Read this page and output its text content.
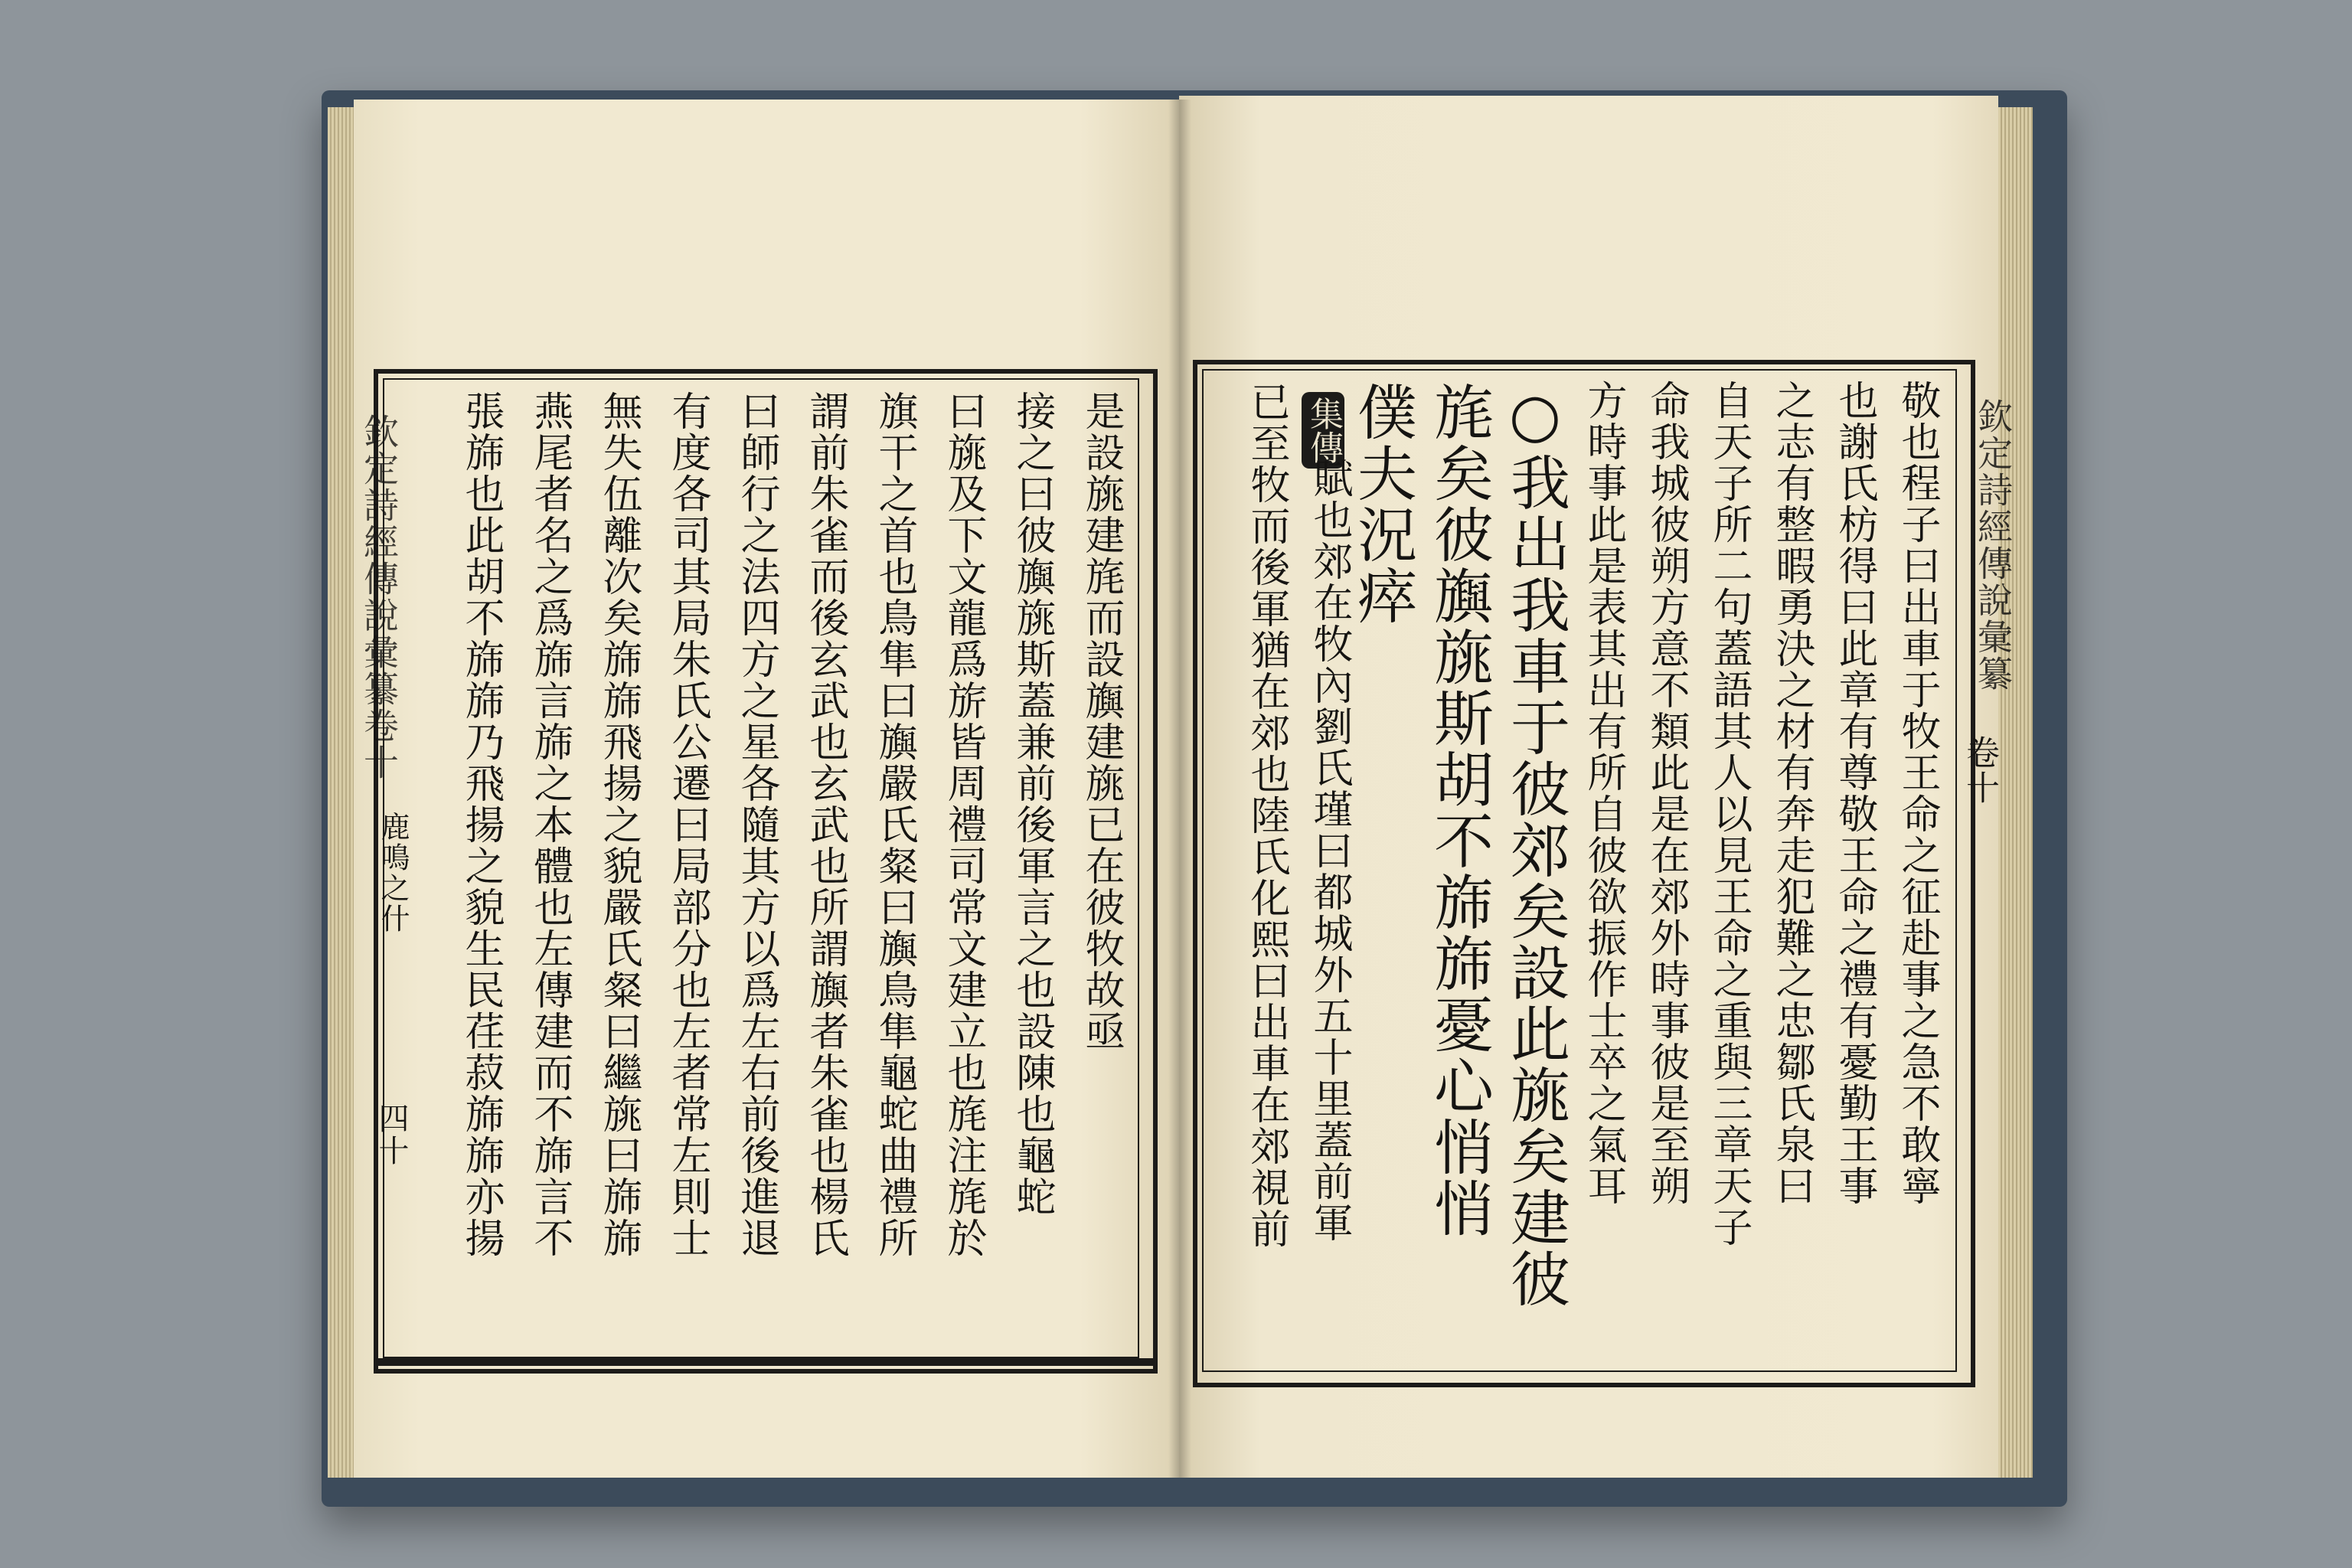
欽定詩經傳說彙纂卷十
鹿鳴之什
四十
是設旐建旄而設旟建旐已在彼牧故亟
接之曰彼旟旐斯蓋兼前後軍言之也設陳也龜蛇
曰旐及下文龍爲旂皆周禮司常文建立也旄注旄於
旗干之首也鳥隼曰旟嚴氏粲曰旟鳥隼龜蛇曲禮所
謂前朱雀而後玄武也玄武也所謂旟者朱雀也楊氏
曰師行之法四方之星各隨其方以爲左右前後進退
有度各司其局朱氏公遷曰局部分也左者常左則士
無失伍離次矣旆旆飛揚之貌嚴氏粲曰繼旐曰旆旆
燕尾者名之爲旆言旆之本體也左傳建而不旆言不
張旆也此胡不旆旆乃飛揚之貌生民荏菽旆旆亦揚	欽定詩經傳說彙纂
卷十
敬也程子曰出車于牧王命之征赴事之急不敢寧
也謝氏枋得曰此章有尊敬王命之禮有憂勤王事
之志有整暇勇決之材有奔走犯難之忠鄒氏泉曰
自天子所二句蓋語其人以見王命之重與三章天子
命我城彼朔方意不類此是在郊外時事彼是至朔
方時事此是表其出有所自彼欲振作士卒之氣耳
○我出我車于彼郊矣設此旐矣建彼
旄矣彼旟旐斯胡不旆旆憂心悄悄
僕夫況瘁
集傳
賦也郊在牧內劉氏瑾曰都城外五十里蓋前軍
已至牧而後軍猶在郊也陸氏化熙曰出車在郊視前
